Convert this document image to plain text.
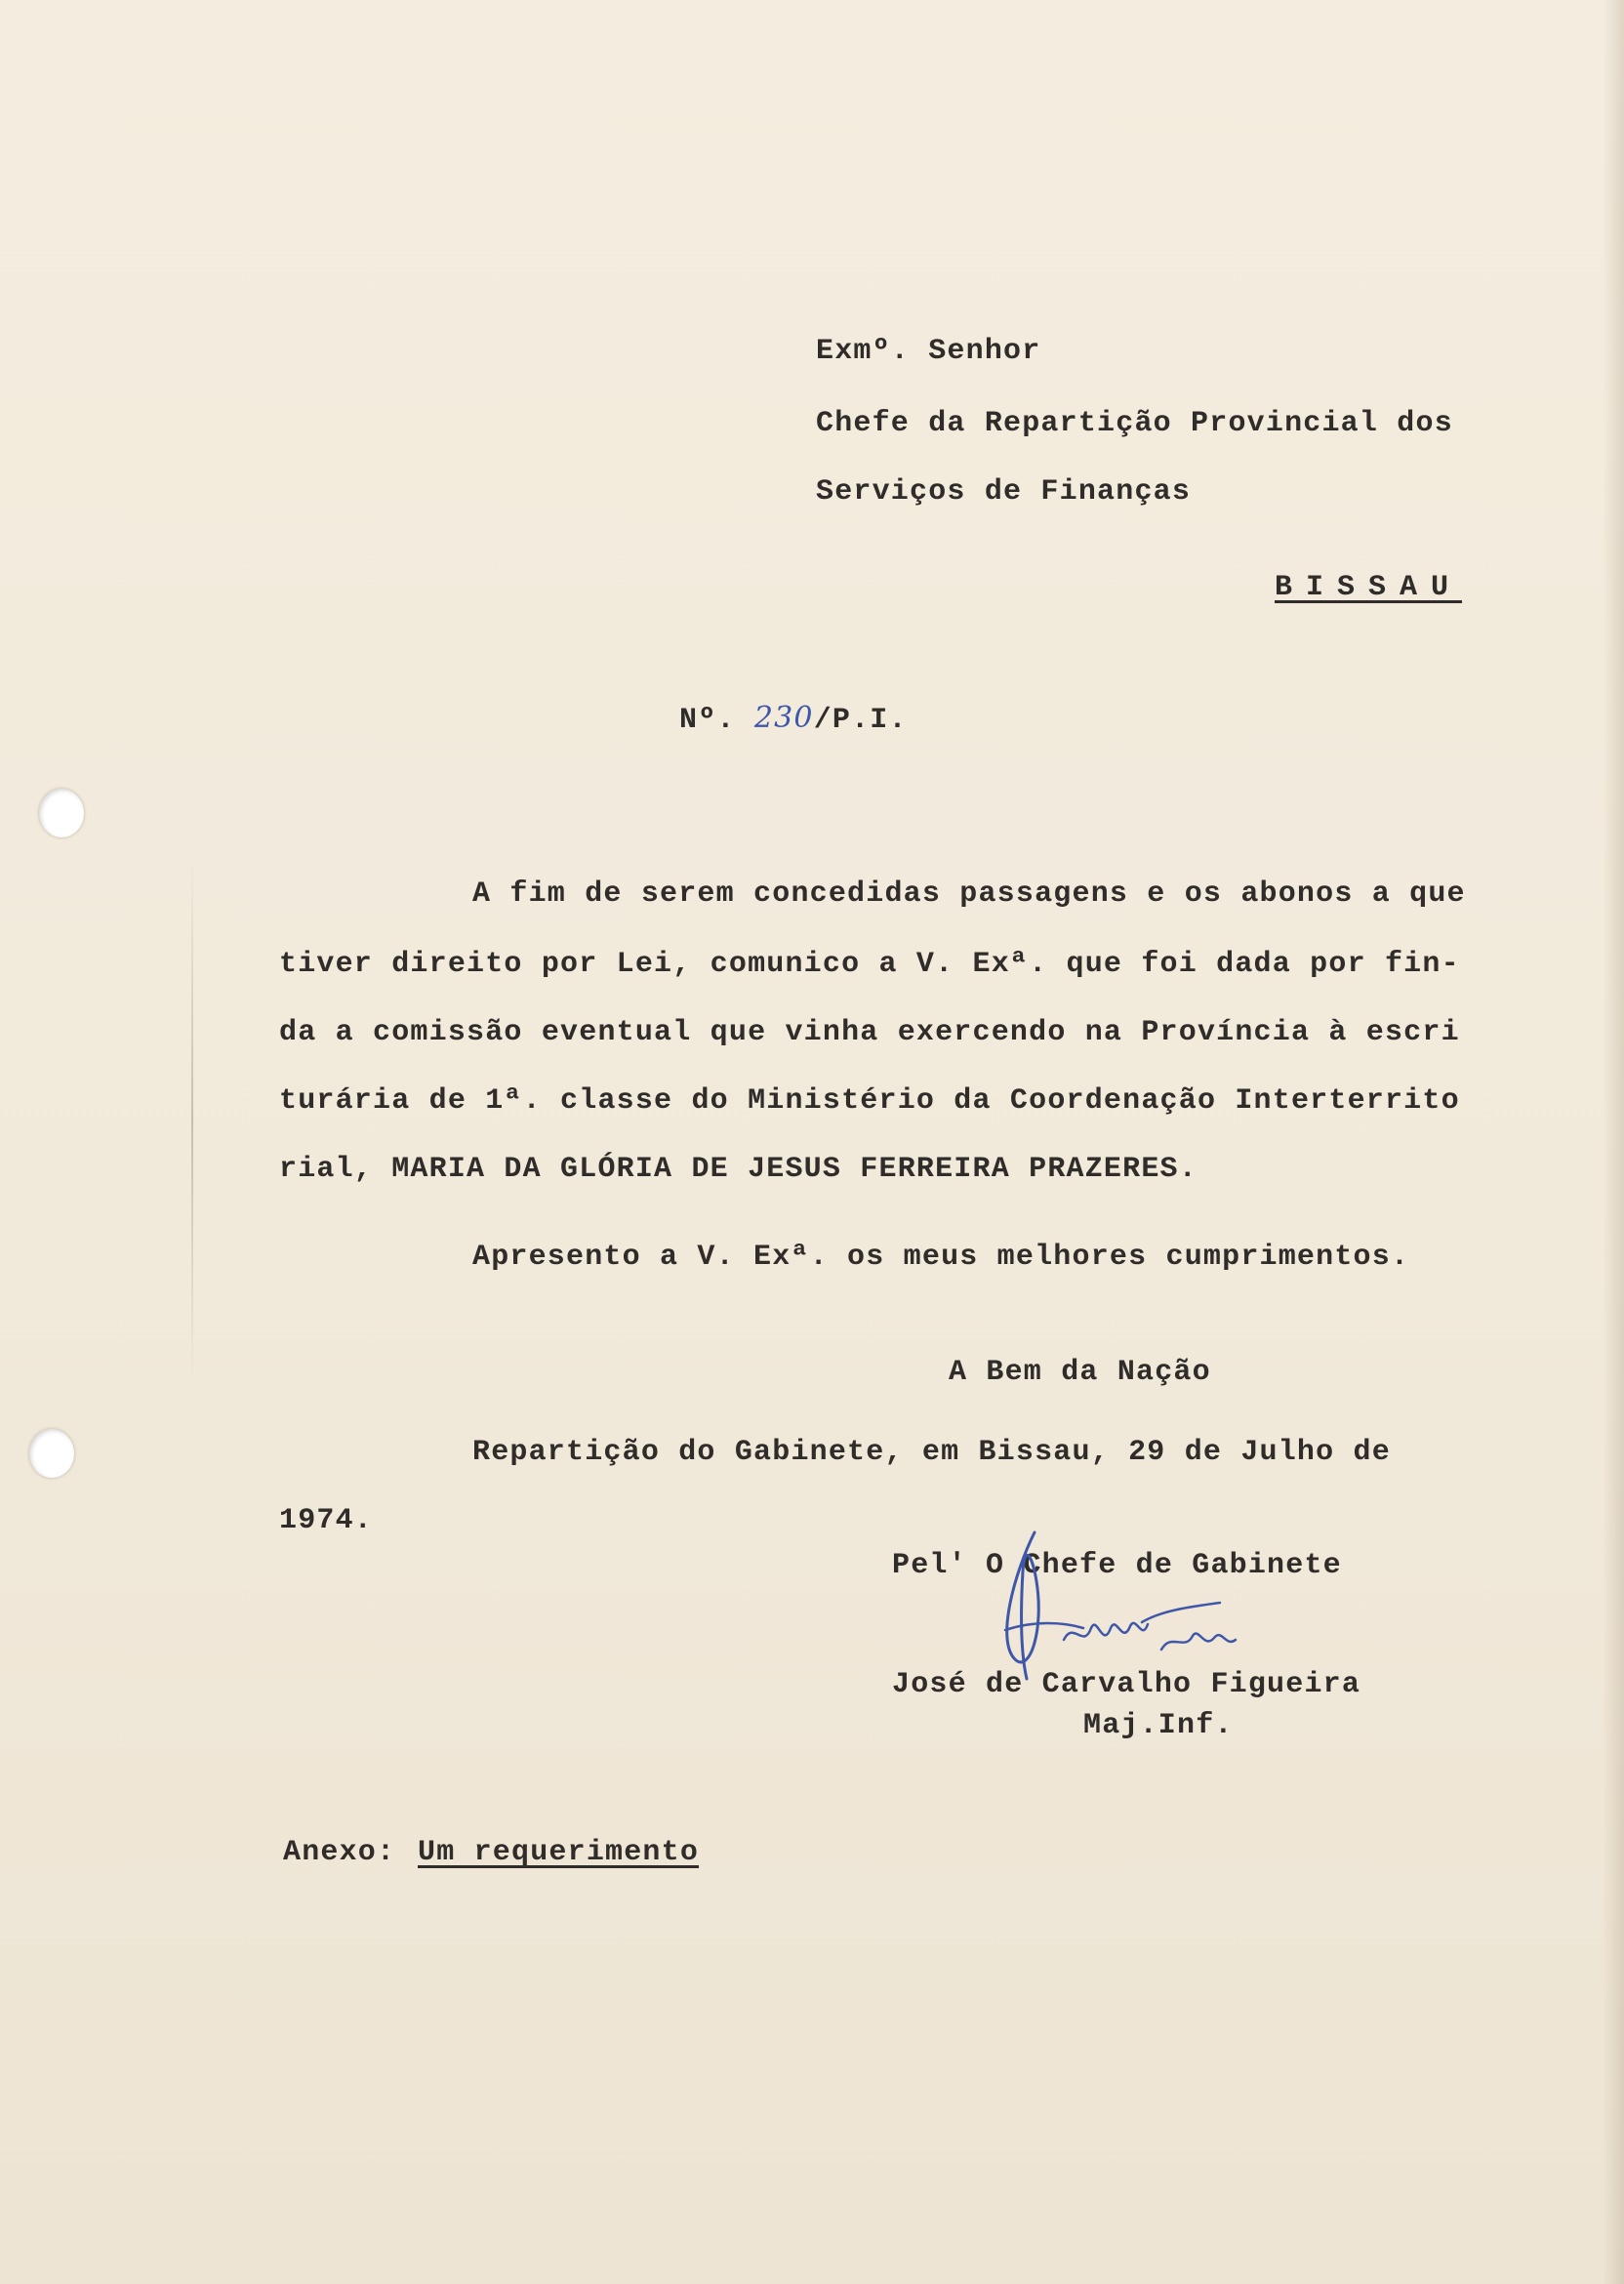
Exmº. Senhor
Chefe da Repartição Provincial dos
Serviços de Finanças
BISSAU
Nº. 230/P.I.
A fim de serem concedidas passagens e os abonos a que
tiver direito por Lei, comunico a V. Exª. que foi dada por fin-
da a comissão eventual que vinha exercendo na Província à escri
turária de 1ª. classe do Ministério da Coordenação Interterrito
rial, MARIA DA GLÓRIA DE JESUS FERREIRA PRAZERES.
Apresento a V. Exª. os meus melhores cumprimentos.
A Bem da Nação
Repartição do Gabinete, em Bissau, 29 de Julho de
1974.
Pel' O Chefe de Gabinete
José de Carvalho Figueira
Maj.Inf.
Anexo: Um requerimento
